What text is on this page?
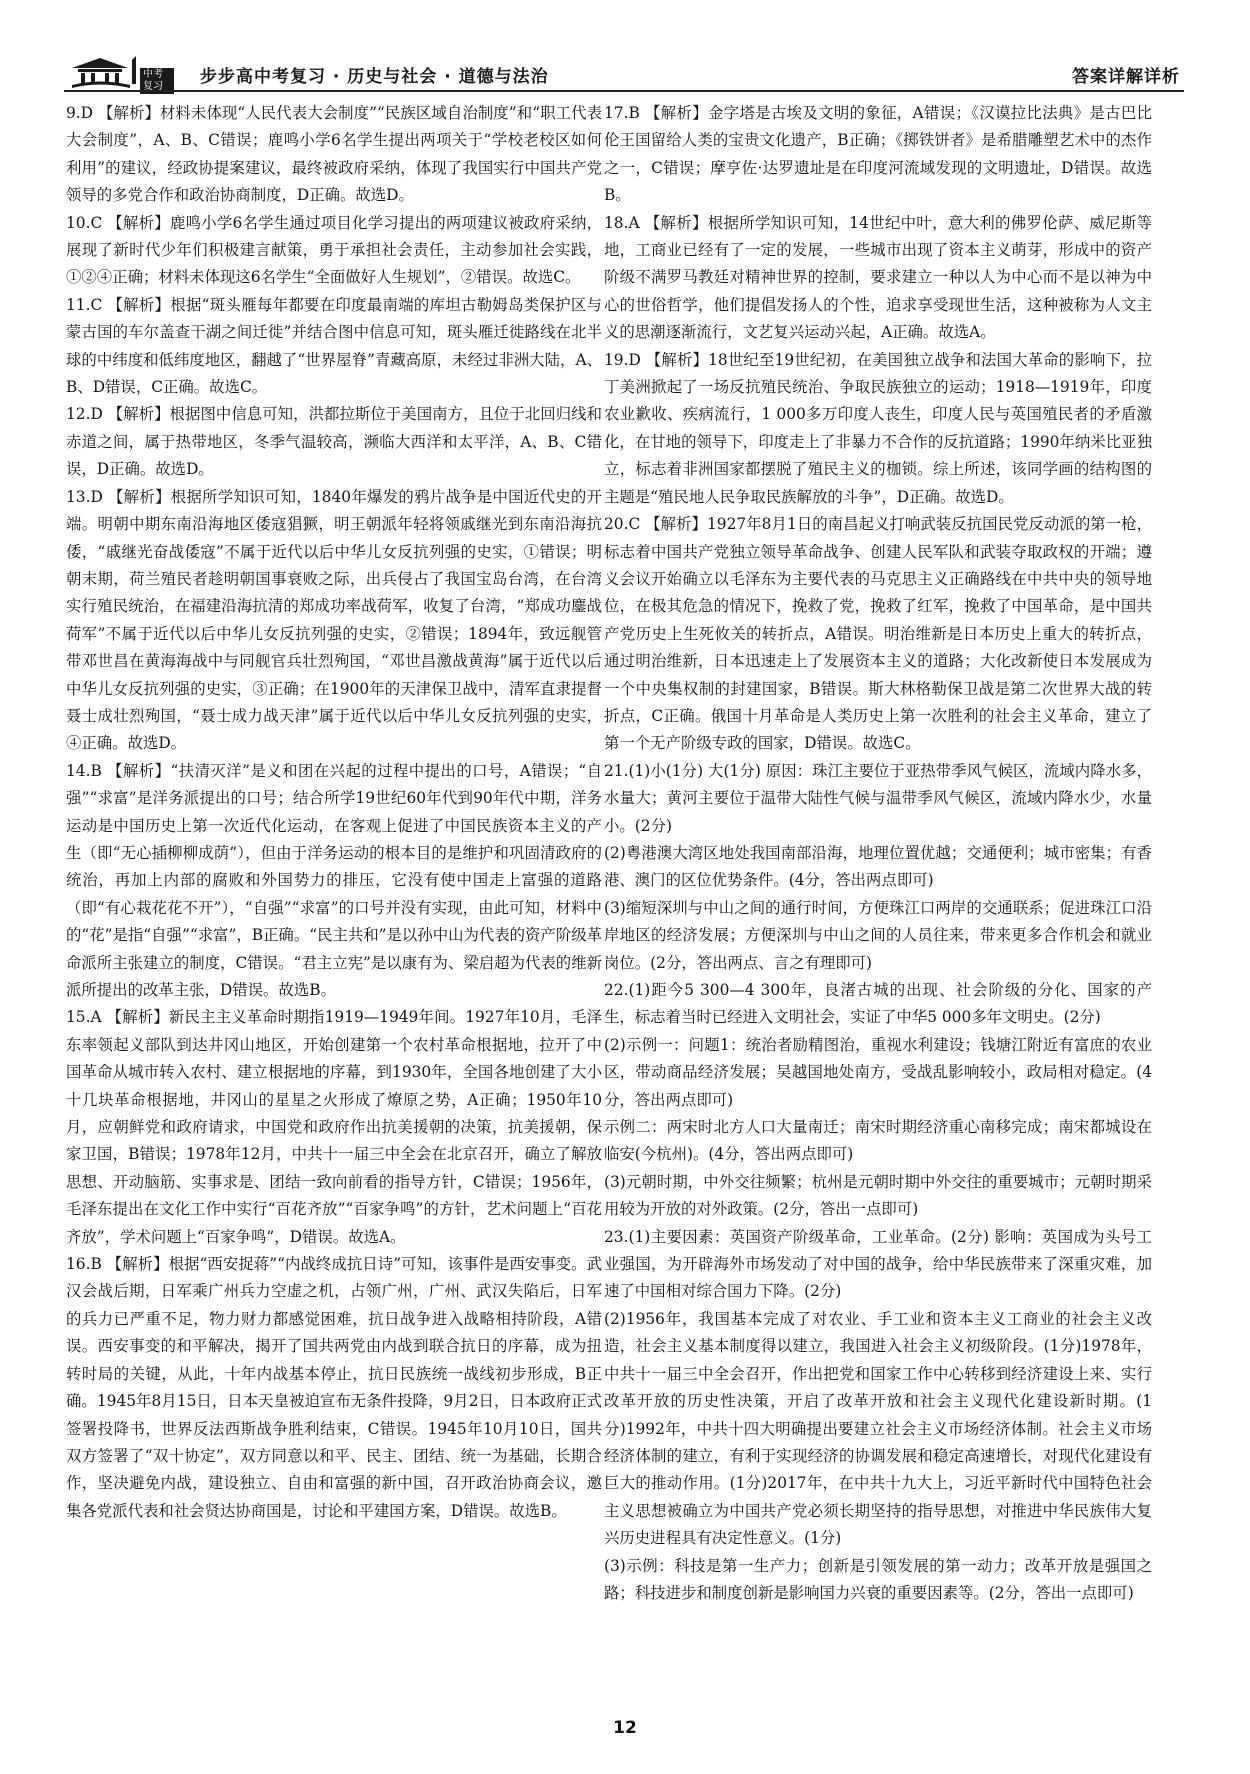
中考复习	步步高中考复习 · 历史与社会 · 道德与法治	答案详解详析

9.D 【解析】材料未体现“人民代表大会制度”“民族区域自治制度”和“职工代表大会制度”，A、B、C错误；鹿鸣小学6名学生提出两项关于“学校老校区如何利用”的建议，经政协提案建议，最终被政府采纳，体现了我国实行中国共产党领导的多党合作和政治协商制度，D正确。故选D。

10.C 【解析】鹿鸣小学6名学生通过项目化学习提出的两项建议被政府采纳，展现了新时代少年们积极建言献策，勇于承担社会责任，主动参加社会实践，①②④正确；材料未体现这6名学生“全面做好人生规划”，②错误。故选C。

11.C 【解析】根据“斑头雁每年都要在印度最南端的库坦古勒姆岛类保护区与蒙古国的车尔盖查干湖之间迁徙”并结合图中信息可知，斑头雁迁徙路线在北半球的中纬度和低纬度地区，翻越了“世界屋脊”青藏高原，未经过非洲大陆，A、B、D错误，C正确。故选C。

12.D 【解析】根据图中信息可知，洪都拉斯位于美国南方，且位于北回归线和赤道之间，属于热带地区，冬季气温较高，濒临大西洋和太平洋，A、B、C错误，D正确。故选D。

13.D 【解析】根据所学知识可知，1840年爆发的鸦片战争是中国近代史的开端。明朝中期东南沿海地区倭寇猖獗，明王朝派年轻将领戚继光到东南沿海抗倭，“戚继光奋战倭寇”不属于近代以后中华儿女反抗列强的史实，①错误；明朝末期，荷兰殖民者趁明朝国事衰败之际，出兵侵占了我国宝岛台湾，在台湾实行殖民统治，在福建沿海抗清的郑成功率战荷军，收复了台湾，“郑成功鏖战荷军”不属于近代以后中华儿女反抗列强的史实，②错误；1894年，致远舰管带邓世昌在黄海海战中与同舰官兵壮烈殉国，“邓世昌激战黄海”属于近代以后中华儿女反抗列强的史实，③正确；在1900年的天津保卫战中，清军直隶提督聂士成壮烈殉国，“聂士成力战天津”属于近代以后中华儿女反抗列强的史实，④正确。故选D。

14.B 【解析】“扶清灭洋”是义和团在兴起的过程中提出的口号，A错误；“自强”“求富”是洋务派提出的口号；结合所学19世纪60年代到90年代中期，洋务运动是中国历史上第一次近代化运动，在客观上促进了中国民族资本主义的产生（即“无心插柳柳成荫”），但由于洋务运动的根本目的是维护和巩固清政府的统治，再加上内部的腐败和外国势力的排压，它没有使中国走上富强的道路（即“有心栽花花不开”），“自强”“求富”的口号并没有实现，由此可知，材料中的“花”是指“自强”“求富”，B正确。“民主共和”是以孙中山为代表的资产阶级革命派所主张建立的制度，C错误。“君主立宪”是以康有为、梁启超为代表的维新派所提出的改革主张，D错误。故选B。

15.A 【解析】新民主主义革命时期指1919—1949年间。1927年10月，毛泽东率领起义部队到达井冈山地区，开始创建第一个农村革命根据地，拉开了中国革命从城市转入农村、建立根据地的序幕，到1930年，全国各地创建了大小十几块革命根据地，井冈山的星星之火形成了燎原之势，A正确；1950年10月，应朝鲜党和政府请求，中国党和政府作出抗美援朝的决策，抗美援朝，保家卫国，B错误；1978年12月，中共十一届三中全会在北京召开，确立了解放思想、开动脑筋、实事求是、团结一致向前看的指导方针，C错误；1956年，毛泽东提出在文化工作中实行“百花齐放”“百家争鸣”的方针，艺术问题上“百花齐放”，学术问题上“百家争鸣”，D错误。故选A。

16.B 【解析】根据“西安捉蒋”“内战终成抗日诗”可知，该事件是西安事变。武汉会战后期，日军乘广州兵力空虚之机，占领广州，广州、武汉失陷后，日军的兵力已严重不足，物力财力都感觉困难，抗日战争进入战略相持阶段，A错误。西安事变的和平解决，揭开了国共两党由内战到联合抗日的序幕，成为扭转时局的关键，从此，十年内战基本停止，抗日民族统一战线初步形成，B正确。1945年8月15日，日本天皇被迫宣布无条件投降，9月2日，日本政府正式签署投降书，世界反法西斯战争胜利结束，C错误。1945年10月10日，国共双方签署了“双十协定”，双方同意以和平、民主、团结、统一为基础，长期合作，坚决避免内战，建设独立、自由和富强的新中国，召开政治协商会议，邀集各党派代表和社会贤达协商国是，讨论和平建国方案，D错误。故选B。

17.B 【解析】金字塔是古埃及文明的象征，A错误；《汉谟拉比法典》是古巴比伦王国留给人类的宝贵文化遗产，B正确；《掷铁饼者》是希腊雕塑艺术中的杰作之一，C错误；摩亨佐·达罗遗址是在印度河流域发现的文明遗址，D错误。故选B。

18.A 【解析】根据所学知识可知，14世纪中叶，意大利的佛罗伦萨、威尼斯等地，工商业已经有了一定的发展，一些城市出现了资本主义萌芽，形成中的资产阶级不满罗马教廷对精神世界的控制，要求建立一种以人为中心而不是以神为中心的世俗哲学，他们提倡发扬人的个性，追求享受现世生活，这种被称为人文主义的思潮逐渐流行，文艺复兴运动兴起，A正确。故选A。

19.D 【解析】18世纪至19世纪初，在美国独立战争和法国大革命的影响下，拉丁美洲掀起了一场反抗殖民统治、争取民族独立的运动；1918—1919年，印度农业歉收、疾病流行，1 000多万印度人丧生，印度人民与英国殖民者的矛盾激化，在甘地的领导下，印度走上了非暴力不合作的反抗道路；1990年纳米比亚独立，标志着非洲国家都摆脱了殖民主义的枷锁。综上所述，该同学画的结构图的主题是“殖民地人民争取民族解放的斗争”，D正确。故选D。

20.C 【解析】1927年8月1日的南昌起义打响武装反抗国民党反动派的第一枪，标志着中国共产党独立领导革命战争、创建人民军队和武装夺取政权的开端；遵义会议开始确立以毛泽东为主要代表的马克思主义正确路线在中共中央的领导地位，在极其危急的情况下，挽救了党，挽救了红军，挽救了中国革命，是中国共产党历史上生死攸关的转折点，A错误。明治维新是日本历史上重大的转折点，通过明治维新，日本迅速走上了发展资本主义的道路；大化改新使日本发展成为一个中央集权制的封建国家，B错误。斯大林格勒保卫战是第二次世界大战的转折点，C正确。俄国十月革命是人类历史上第一次胜利的社会主义革命，建立了第一个无产阶级专政的国家，D错误。故选C。

21.(1)小(1分) 大(1分) 原因：珠江主要位于亚热带季风气候区，流域内降水多，水量大；黄河主要位于温带大陆性气候与温带季风气候区，流域内降水少，水量小。(2分)

(2)粤港澳大湾区地处我国南部沿海，地理位置优越；交通便利；城市密集；有香港、澳门的区位优势条件。(4分，答出两点即可)

(3)缩短深圳与中山之间的通行时间，方便珠江口两岸的交通联系；促进珠江口沿岸地区的经济发展；方便深圳与中山之间的人员往来，带来更多合作机会和就业岗位。(2分，答出两点、言之有理即可)

22.(1)距今5 300—4 300年，良渚古城的出现、社会阶级的分化、国家的产生，标志着当时已经进入文明社会，实证了中华5 000多年文明史。(2分)

(2)示例一：问题1：统治者励精图治，重视水利建设；钱塘江附近有富庶的农业区，带动商品经济发展；吴越国地处南方，受战乱影响较小，政局相对稳定。(4分，答出两点即可)

示例二：两宋时北方人口大量南迁；南宋时期经济重心南移完成；南宋都城设在临安(今杭州)。(4分，答出两点即可)

(3)元朝时期，中外交往频繁；杭州是元朝时期中外交往的重要城市；元朝时期采用较为开放的对外政策。(2分，答出一点即可)

23.(1)主要因素：英国资产阶级革命，工业革命。(2分) 影响：英国成为头号工业强国，为开辟海外市场发动了对中国的战争，给中华民族带来了深重灾难，加速了中国相对综合国力下降。(2分)

(2)1956年，我国基本完成了对农业、手工业和资本主义工商业的社会主义改造，社会主义基本制度得以建立，我国进入社会主义初级阶段。(1分)1978年，中共十一届三中全会召开，作出把党和国家工作中心转移到经济建设上来、实行改革开放的历史性决策，开启了改革开放和社会主义现代化建设新时期。(1分)1992年，中共十四大明确提出要建立社会主义市场经济体制。社会主义市场经济体制的建立，有利于实现经济的协调发展和稳定高速增长，对现代化建设有巨大的推动作用。(1分)2017年，在中共十九大上，习近平新时代中国特色社会主义思想被确立为中国共产党必须长期坚持的指导思想，对推进中华民族伟大复兴历史进程具有决定性意义。(1分)

(3)示例：科技是第一生产力；创新是引领发展的第一动力；改革开放是强国之路；科技进步和制度创新是影响国力兴衰的重要因素等。(2分，答出一点即可)

12
